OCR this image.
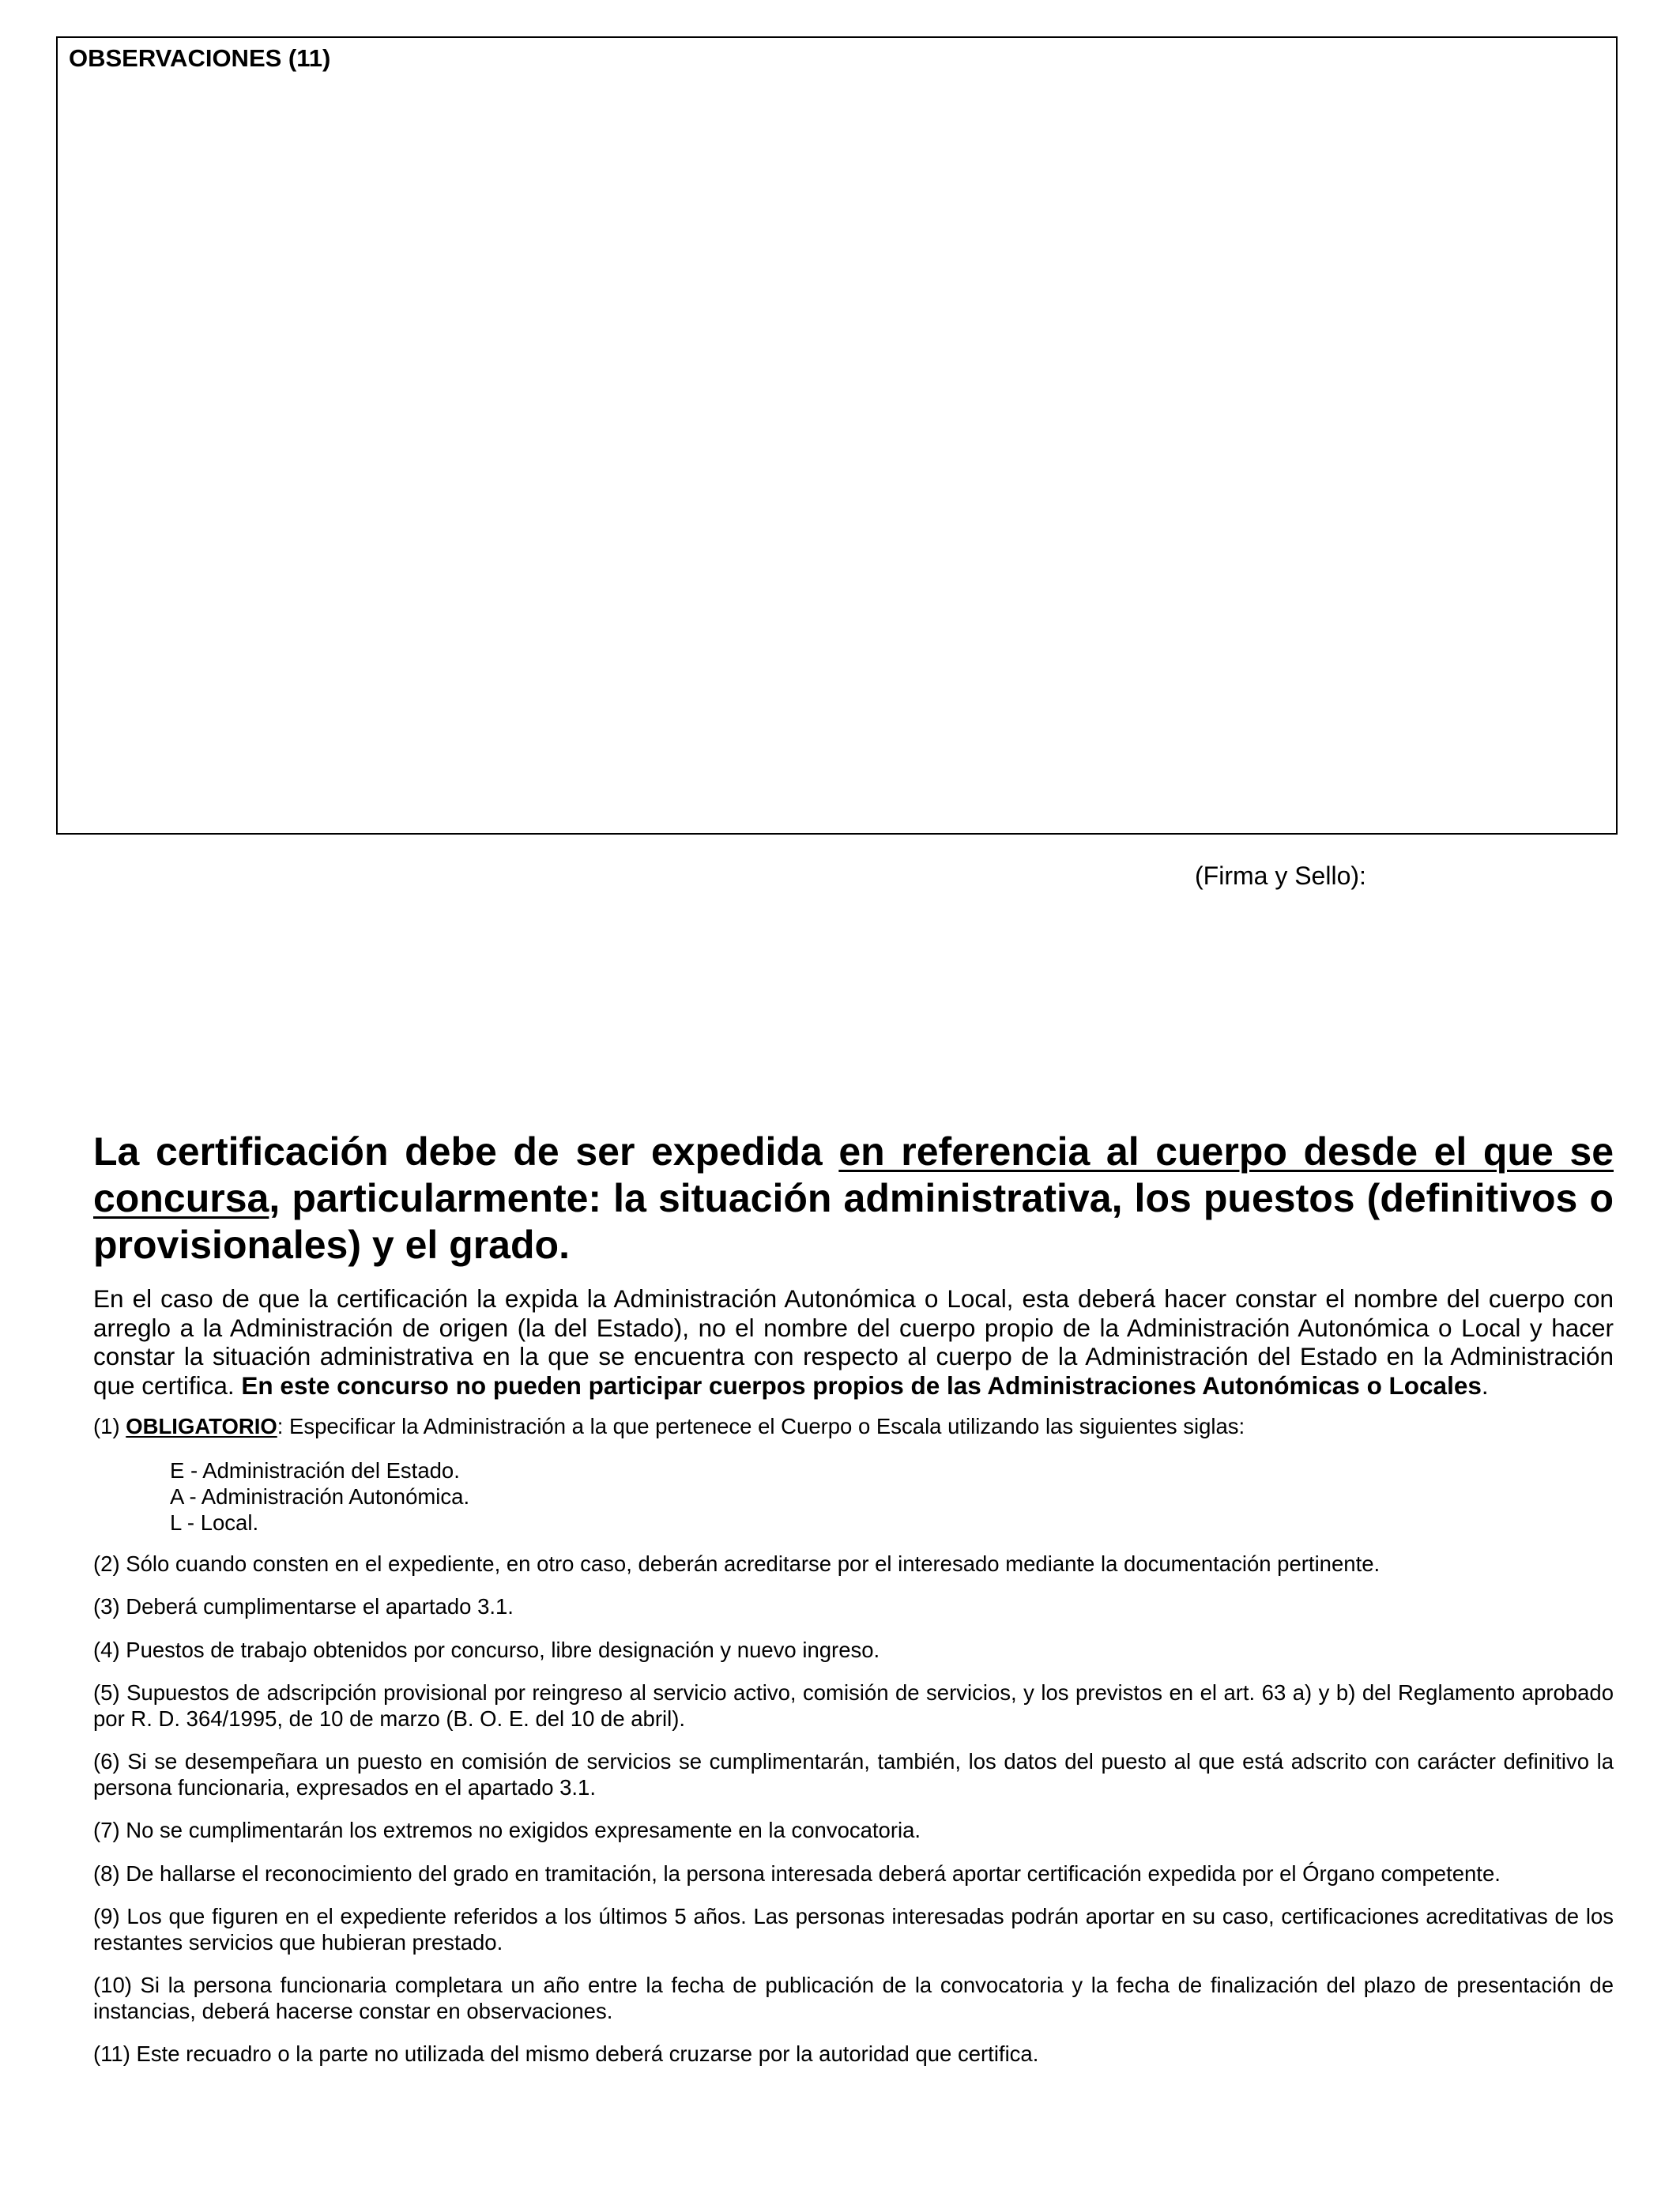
OBSERVACIONES (11)
(Firma y Sello):

La certificación debe de ser expedida en referencia al cuerpo desde el que se concursa, particularmente: la situación administrativa, los puestos (definitivos o provisionales) y el grado.

En el caso de que la certificación la expida la Administración Autonómica o Local, esta deberá hacer constar el nombre del cuerpo con arreglo a la Administración de origen (la del Estado), no el nombre del cuerpo propio de la Administración Autonómica o Local y hacer constar la situación administrativa en la que se encuentra con respecto al cuerpo de la Administración del Estado en la Administración que certifica. En este concurso no pueden participar cuerpos propios de las Administraciones Autonómicas o Locales.

(1) OBLIGATORIO: Especificar la Administración a la que pertenece el Cuerpo o Escala utilizando las siguientes siglas:

E - Administración del Estado.
A - Administración Autonómica.
L - Local.

(2) Sólo cuando consten en el expediente, en otro caso, deberán acreditarse por el interesado mediante la documentación pertinente.

(3) Deberá cumplimentarse el apartado 3.1.

(4) Puestos de trabajo obtenidos por concurso, libre designación y nuevo ingreso.

(5) Supuestos de adscripción provisional por reingreso al servicio activo, comisión de servicios, y los previstos en el art. 63 a) y b) del Reglamento aprobado por R. D. 364/1995, de 10 de marzo (B. O. E. del 10 de abril).

(6) Si se desempeñara un puesto en comisión de servicios se cumplimentarán, también, los datos del puesto al que está adscrito con carácter definitivo la persona funcionaria, expresados en el apartado 3.1.

(7) No se cumplimentarán los extremos no exigidos expresamente en la convocatoria.

(8) De hallarse el reconocimiento del grado en tramitación, la persona interesada deberá aportar certificación expedida por el Órgano competente.

(9) Los que figuren en el expediente referidos a los últimos 5 años. Las personas interesadas podrán aportar en su caso, certificaciones acreditativas de los restantes servicios que hubieran prestado.

(10) Si la persona funcionaria completara un año entre la fecha de publicación de la convocatoria y la fecha de finalización del plazo de presentación de instancias, deberá hacerse constar en observaciones.

(11) Este recuadro o la parte no utilizada del mismo deberá cruzarse por la autoridad que certifica.
